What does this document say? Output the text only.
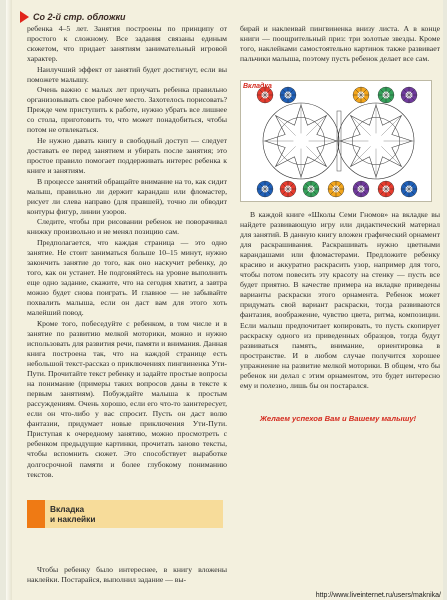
Со 2-й стр. обложки

ребенка 4–5 лет. Занятия построены по принципу от простого к сложному. Все задания связаны единым сюжетом, что придает занятиям занимательный игровой характер.

Наилучший эффект от занятий будет достигнут, если вы поможете малышу.

Очень важно с малых лет приучать ребенка правильно организовывать свое рабочее место. Захотелось порисовать? Прежде чем приступить к работе, нужно убрать все лишнее со стола, приготовить то, что может понадобиться, чтобы потом не отвлекаться.

Не нужно давать книгу в свободный доступ — следует доставать ее перед занятием и убирать после занятия; это простое правило помогает поддерживать интерес ребенка к книге и занятиям.

В процессе занятий обращайте внимание на то, как сидит малыш, правильно ли держит карандаш или фломастер, рисует ли слева направо (для правшей), точно ли обводит контуры фигур, линии узоров.

Следите, чтобы при рисовании ребенок не поворачивал книжку произвольно и не менял позицию сам.

Предполагается, что каждая страница — это одно занятие. Не стоит заниматься больше 10–15 минут, нужно закончить занятие до того, как оно наскучит ребенку, до того, как он устанет. Не подгоняйтесь на уровне выполнить еще одно задание, скажите, что на сегодня хватит, а завтра можно будет снова поиграть. И главное — не забывайте похвалить малыша, если он даст вам для этого хоть малейший повод.

Кроме того, побеседуйте с ребенком, в том числе и в занятие по развитию мелкой моторики, можно и нужно использовать для развития речи, памяти и внимания. Данная книга построена так, что на каждой странице есть небольшой текст-рассказ о приключениях пингвиненка Ути-Пути. Прочитайте текст ребенку и задайте простые вопросы на понимание (примеры таких вопросов даны в тексте к первым занятиям). Побуждайте малыша к простым рассуждениям. Очень хорошо, если его что-то заинтересует, если он что-либо у вас спросит. Пусть он даст волю фантазии, придумает новые приключения Ути-Пути. Приступая к очередному занятию, можно просмотреть с ребенком предыдущие картинки, прочитать заново тексты, чтобы вспомнить сюжет. Это способствует выработке долгосрочной памяти и более глубокому пониманию текстов.

Вкладка
и наклейки

Чтобы ребенку было интереснее, в книгу вложены наклейки. Постарайся, выполнил задание — вы-

бирай и наклеивай пингвиненка внизу листа. А в конце книги — поощрительный приз: три золотые звезды. Кроме того, наклейками самостоятельно картинок также развивает пальчики малыша, поэтому пусть ребенок делает все сам.

Вкладка

В каждой книге «Школы Семи Гномов» на вкладке вы найдете развивающую игру или дидактический материал для занятий. В данную книгу вложен графический орнамент для раскрашивания. Раскрашивать нужно цветными карандашами или фломастерами. Предложите ребенку красиво и аккуратно раскрасить узор, например для того, чтобы потом повесить эту красоту на стенку — пусть все будет приятно. В качестве примера на вкладке приведены варианты раскраски этого орнамента. Ребенок может придумать свой вариант раскраски, тогда развиваются фантазия, воображение, чувство цвета, ритма, композиции. Если малыш предпочитает копировать, то пусть скопирует раскраску одного из приведенных образцов, тогда будут развиваться память, внимание, ориентировка в пространстве. И в любом случае получится хорошее упражнение на развитие мелкой моторики. В общем, что бы ребенок ни делал с этим орнаментом, это будет интересно ему и полезно, лишь бы он постарался.

Желаем успехов Вам и Вашему малышу!
http://www.liveinternet.ru/users/maknika/
